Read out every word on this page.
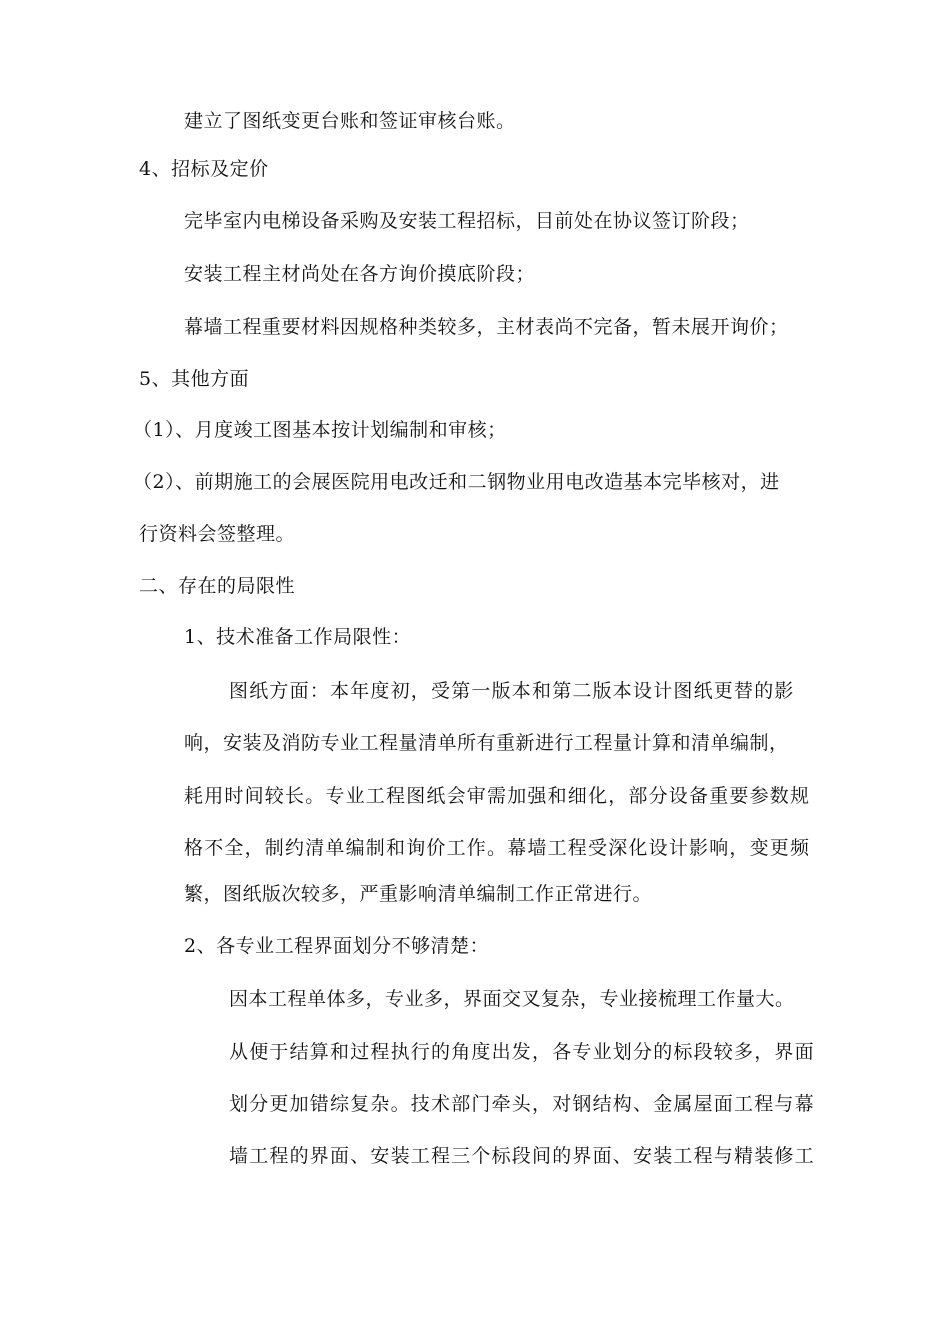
建立了图纸变更台账和签证审核台账。
4、招标及定价
完毕室内电梯设备采购及安装工程招标，目前处在协议签订阶段；
安装工程主材尚处在各方询价摸底阶段；
幕墙工程重要材料因规格种类较多，主材表尚不完备，暂未展开询价；
5、其他方面
（1）、月度竣工图基本按计划编制和审核；
（2）、前期施工的会展医院用电改迁和二钢物业用电改造基本完毕核对，进
行资料会签整理。
二、存在的局限性
1、技术准备工作局限性：
图纸方面：本年度初，受第一版本和第二版本设计图纸更替的影
响，安装及消防专业工程量清单所有重新进行工程量计算和清单编制，
耗用时间较长。专业工程图纸会审需加强和细化，部分设备重要参数规
格不全，制约清单编制和询价工作。幕墙工程受深化设计影响，变更频
繁，图纸版次较多，严重影响清单编制工作正常进行。
2、各专业工程界面划分不够清楚：
因本工程单体多，专业多，界面交叉复杂，专业接梳理工作量大。
从便于结算和过程执行的角度出发，各专业划分的标段较多，界面
划分更加错综复杂。技术部门牵头，对钢结构、金属屋面工程与幕
墙工程的界面、安装工程三个标段间的界面、安装工程与精装修工
